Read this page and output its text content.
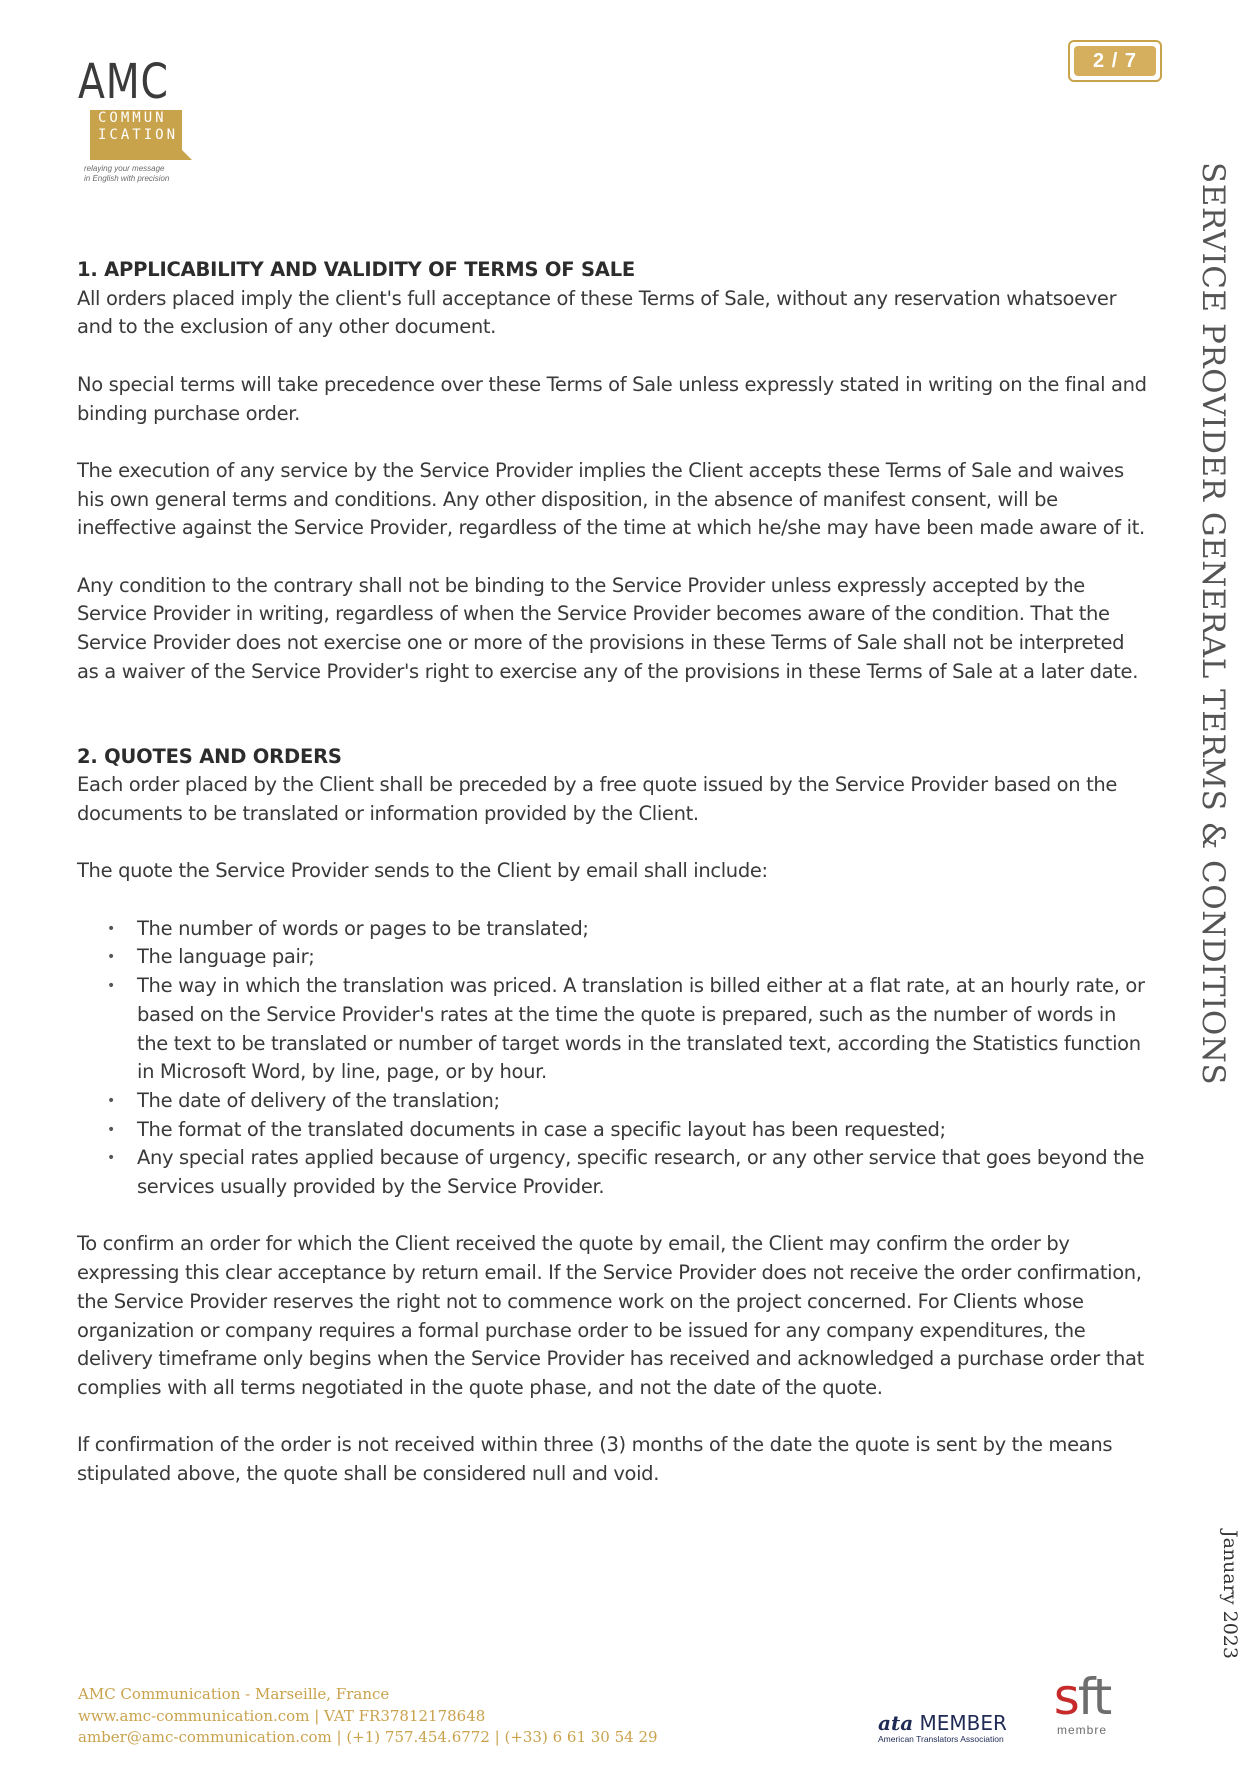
AMC
COMMUN
ICATION
relaying your message
in English with precision
2 / 7
SERVICE PROVIDER GENERAL TERMS & CONDITIONS
January 2023
1. APPLICABILITY AND VALIDITY OF TERMS OF SALE

All orders placed imply the client's full acceptance of these Terms of Sale, without any reservation whatsoever and to the exclusion of any other document.

No special terms will take precedence over these Terms of Sale unless expressly stated in writing on the final and binding purchase order.

The execution of any service by the Service Provider implies the Client accepts these Terms of Sale and waives his own general terms and conditions. Any other disposition, in the absence of manifest consent, will be ineffective against the Service Provider, regardless of the time at which he/she may have been made aware of it.

Any condition to the contrary shall not be binding to the Service Provider unless expressly accepted by the Service Provider in writing, regardless of when the Service Provider becomes aware of the condition. That the Service Provider does not exercise one or more of the provisions in these Terms of Sale shall not be interpreted as a waiver of the Service Provider's right to exercise any of the provisions in these Terms of Sale at a later date.

2. QUOTES AND ORDERS

Each order placed by the Client shall be preceded by a free quote issued by the Service Provider based on the documents to be translated or information provided by the Client.

The quote the Service Provider sends to the Client by email shall include:

• The number of words or pages to be translated;
• The language pair;
• The way in which the translation was priced. A translation is billed either at a flat rate, at an hourly rate, or based on the Service Provider's rates at the time the quote is prepared, such as the number of words in the text to be translated or number of target words in the translated text, according the Statistics function in Microsoft Word, by line, page, or by hour.
• The date of delivery of the translation;
• The format of the translated documents in case a specific layout has been requested;
• Any special rates applied because of urgency, specific research, or any other service that goes beyond the services usually provided by the Service Provider.

To confirm an order for which the Client received the quote by email, the Client may confirm the order by expressing this clear acceptance by return email. If the Service Provider does not receive the order confirmation, the Service Provider reserves the right not to commence work on the project concerned. For Clients whose organization or company requires a formal purchase order to be issued for any company expenditures, the delivery timeframe only begins when the Service Provider has received and acknowledged a purchase order that complies with all terms negotiated in the quote phase, and not the date of the quote.

If confirmation of the order is not received within three (3) months of the date the quote is sent by the means stipulated above, the quote shall be considered null and void.

AMC Communication - Marseille, France
www.amc-communication.com | VAT FR37812178648
amber@amc-communication.com | (+1) 757.454.6772 | (+33) 6 61 30 54 29
ata MEMBER
American Translators Association
sft
membre
